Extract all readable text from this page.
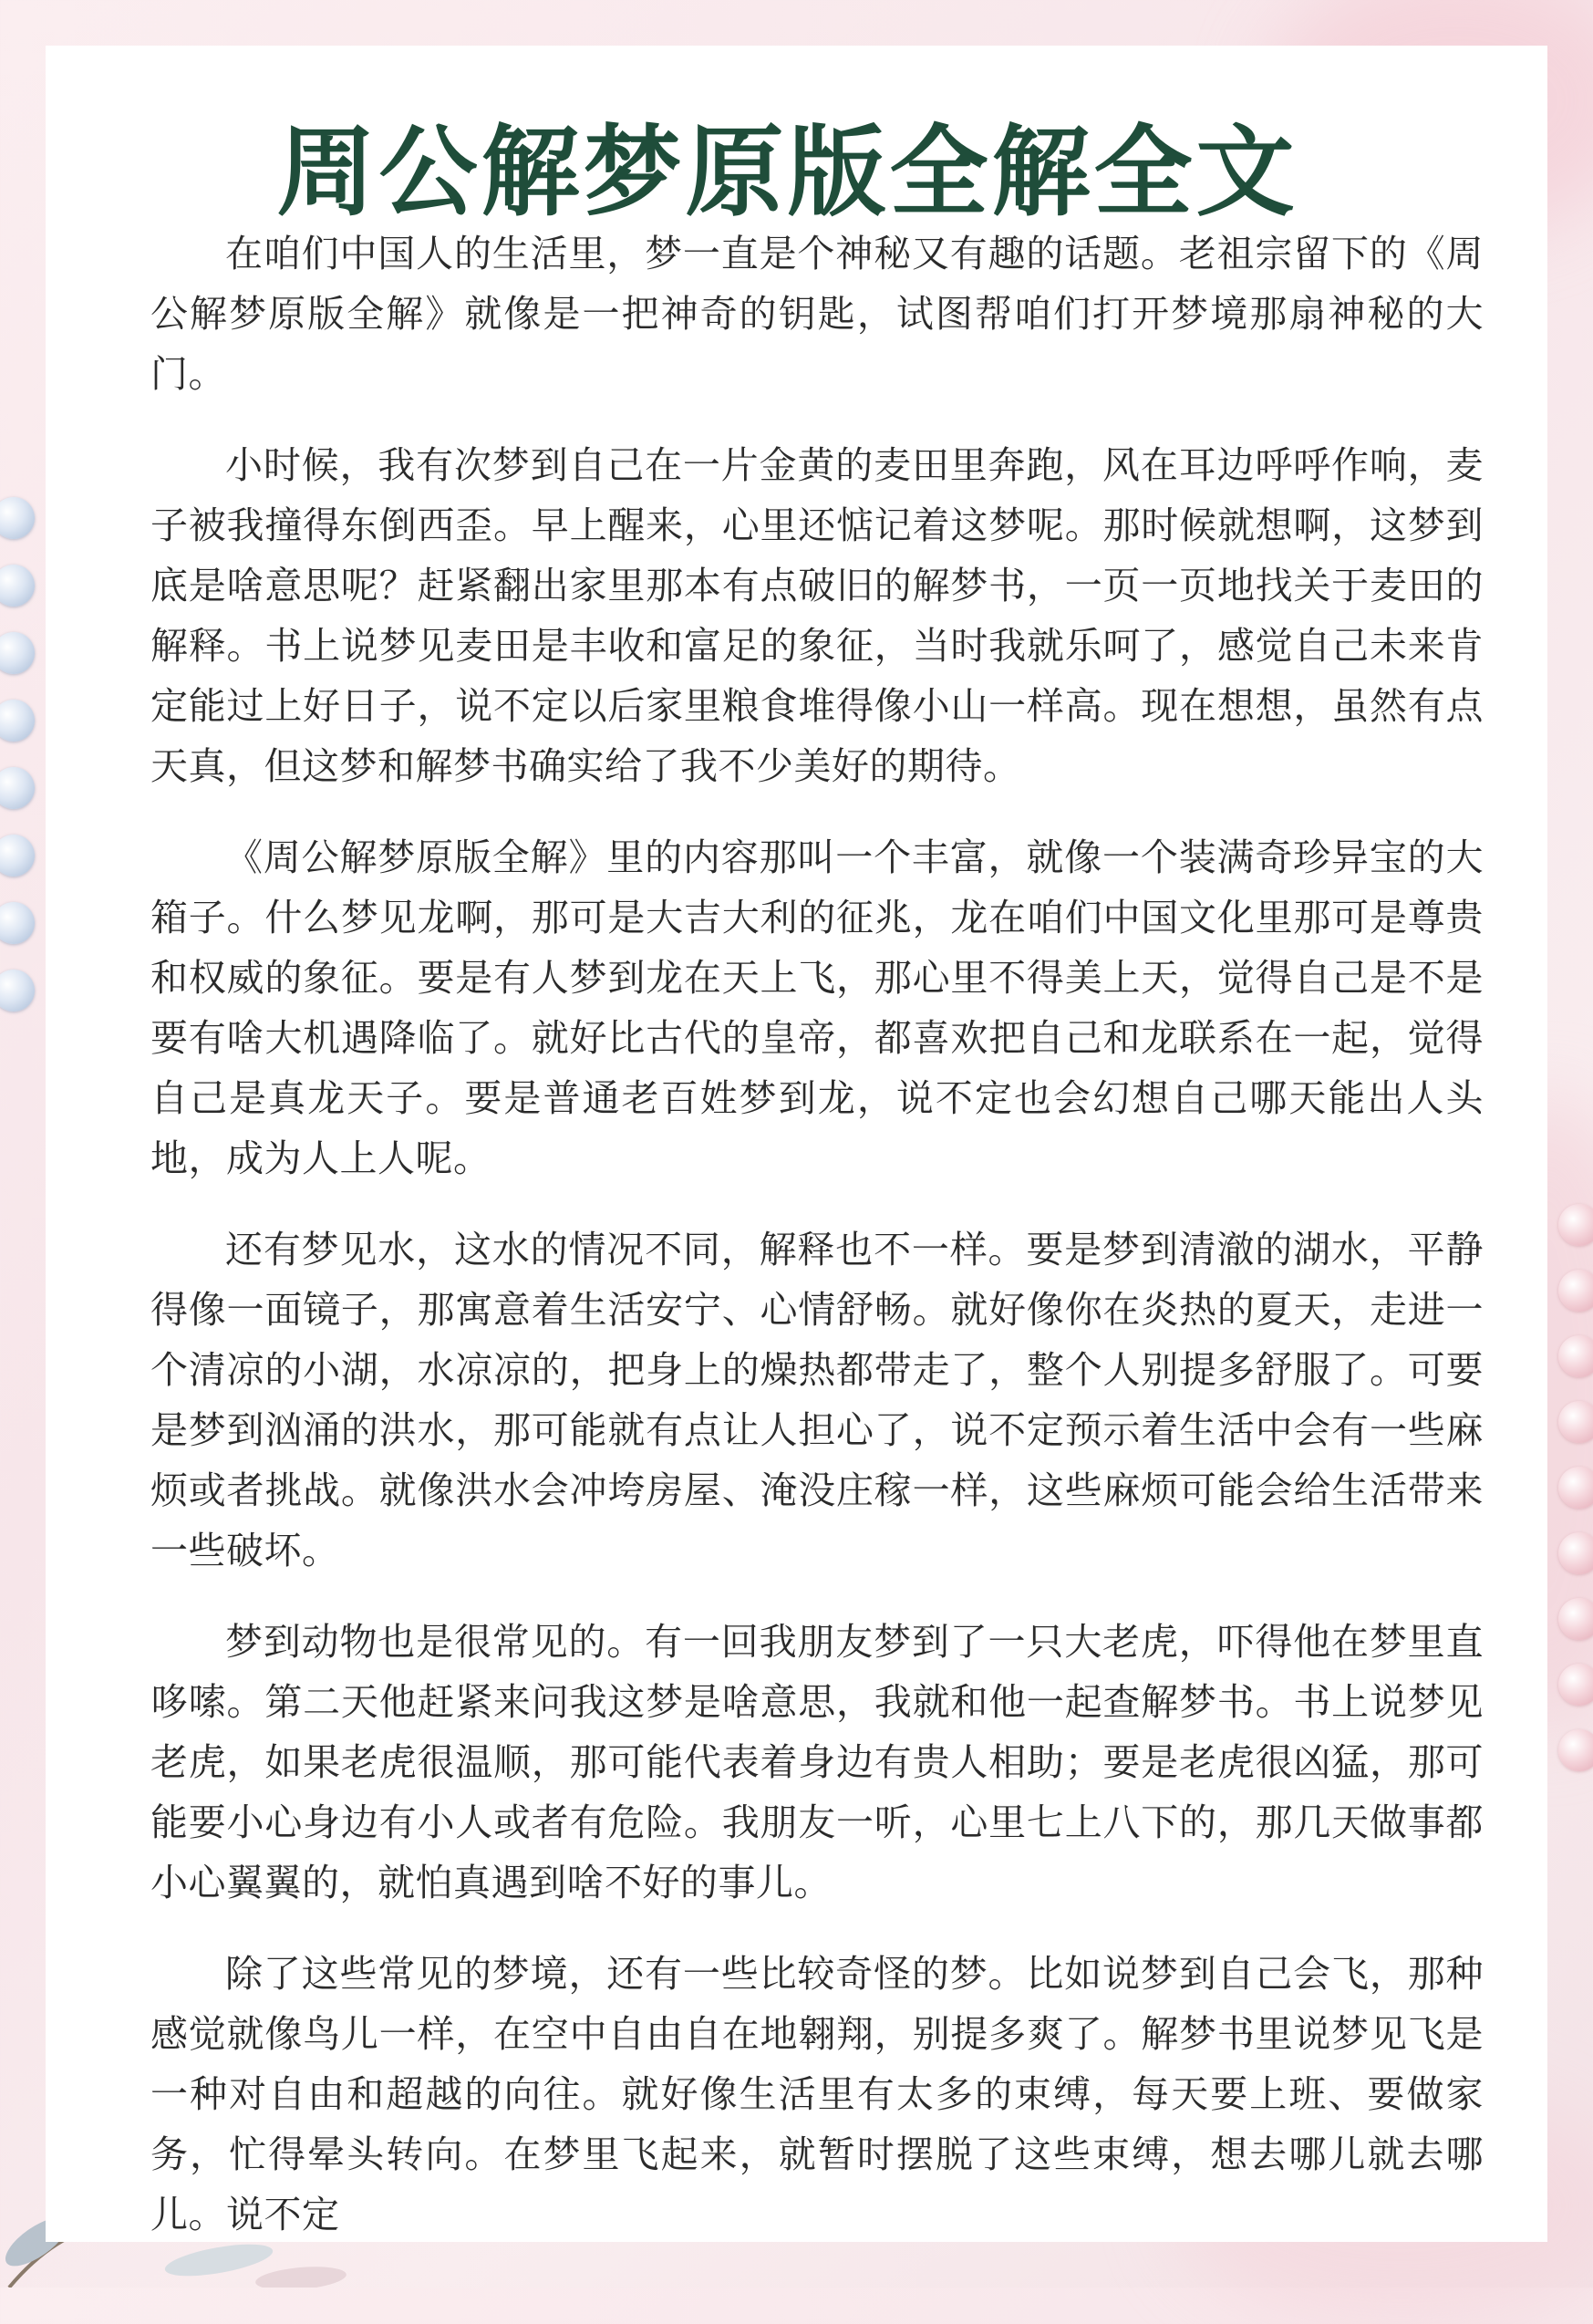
周公解梦原版全解全文

在咱们中国人的生活里，梦一直是个神秘又有趣的话题。老祖宗留下的《周公解梦原版全解》就像是一把神奇的钥匙，试图帮咱们打开梦境那扇神秘的大门。

小时候，我有次梦到自己在一片金黄的麦田里奔跑，风在耳边呼呼作响，麦子被我撞得东倒西歪。早上醒来，心里还惦记着这梦呢。那时候就想啊，这梦到底是啥意思呢？赶紧翻出家里那本有点破旧的解梦书，一页一页地找关于麦田的解释。书上说梦见麦田是丰收和富足的象征，当时我就乐呵了，感觉自己未来肯定能过上好日子，说不定以后家里粮食堆得像小山一样高。现在想想，虽然有点天真，但这梦和解梦书确实给了我不少美好的期待。

《周公解梦原版全解》里的内容那叫一个丰富，就像一个装满奇珍异宝的大箱子。什么梦见龙啊，那可是大吉大利的征兆，龙在咱们中国文化里那可是尊贵和权威的象征。要是有人梦到龙在天上飞，那心里不得美上天，觉得自己是不是要有啥大机遇降临了。就好比古代的皇帝，都喜欢把自己和龙联系在一起，觉得自己是真龙天子。要是普通老百姓梦到龙，说不定也会幻想自己哪天能出人头地，成为人上人呢。

还有梦见水，这水的情况不同，解释也不一样。要是梦到清澈的湖水，平静得像一面镜子，那寓意着生活安宁、心情舒畅。就好像你在炎热的夏天，走进一个清凉的小湖，水凉凉的，把身上的燥热都带走了，整个人别提多舒服了。可要是梦到汹涌的洪水，那可能就有点让人担心了，说不定预示着生活中会有一些麻烦或者挑战。就像洪水会冲垮房屋、淹没庄稼一样，这些麻烦可能会给生活带来一些破坏。

梦到动物也是很常见的。有一回我朋友梦到了一只大老虎，吓得他在梦里直哆嗦。第二天他赶紧来问我这梦是啥意思，我就和他一起查解梦书。书上说梦见老虎，如果老虎很温顺，那可能代表着身边有贵人相助；要是老虎很凶猛，那可能要小心身边有小人或者有危险。我朋友一听，心里七上八下的，那几天做事都小心翼翼的，就怕真遇到啥不好的事儿。

除了这些常见的梦境，还有一些比较奇怪的梦。比如说梦到自己会飞，那种感觉就像鸟儿一样，在空中自由自在地翱翔，别提多爽了。解梦书里说梦见飞是一种对自由和超越的向往。就好像生活里有太多的束缚，每天要上班、要做家务，忙得晕头转向。在梦里飞起来，就暂时摆脱了这些束缚，想去哪儿就去哪儿。说不定
